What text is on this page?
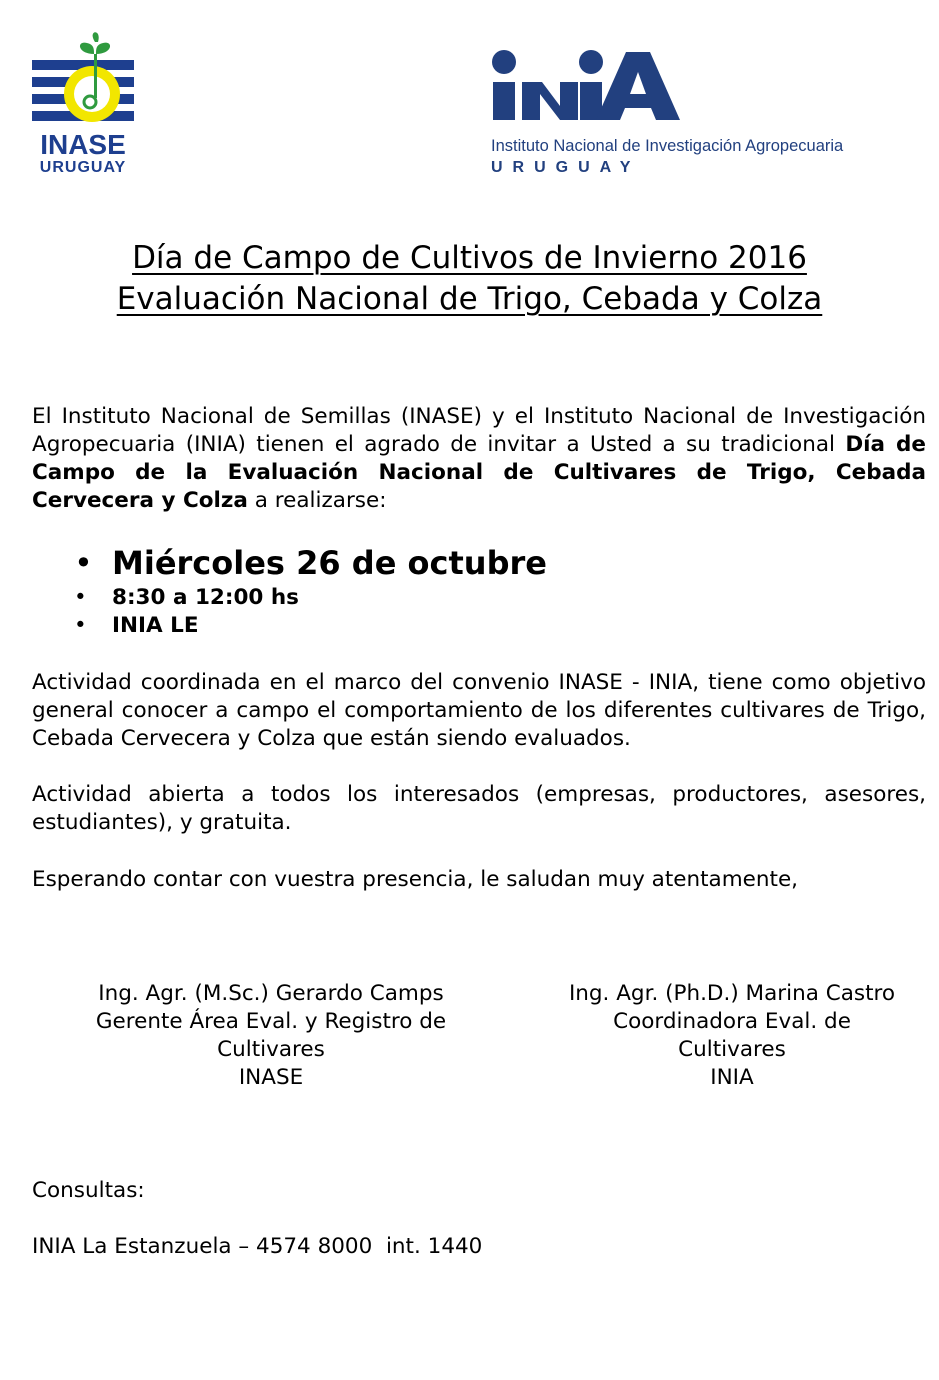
INASE
URUGUAY
Instituto Nacional de Investigación Agropecuaria
URUGUAY
Día de Campo de Cultivos de Invierno 2016
Evaluación Nacional de Trigo, Cebada y Colza
El Instituto Nacional de Semillas (INASE) y el Instituto Nacional de Investigación Agropecuaria (INIA) tienen el agrado de invitar a Usted a su tradicional Día de Campo de la Evaluación Nacional de Cultivares de Trigo, Cebada Cervecera y Colza a realizarse:
• Miércoles 26 de octubre
• 8:30 a 12:00 hs
• INIA LE
Actividad coordinada en el marco del convenio INASE - INIA, tiene como objetivo general conocer a campo el comportamiento de los diferentes cultivares de Trigo, Cebada Cervecera y Colza que están siendo evaluados.
Actividad abierta a todos los interesados (empresas, productores, asesores, estudiantes), y gratuita.
Esperando contar con vuestra presencia, le saludan muy atentamente,
Ing. Agr. (M.Sc.) Gerardo Camps
Gerente Área Eval. y Registro de Cultivares
INASE
Ing. Agr. (Ph.D.) Marina Castro
Coordinadora Eval. de Cultivares
INIA
Consultas:
INIA La Estanzuela – 4574 8000  int. 1440
